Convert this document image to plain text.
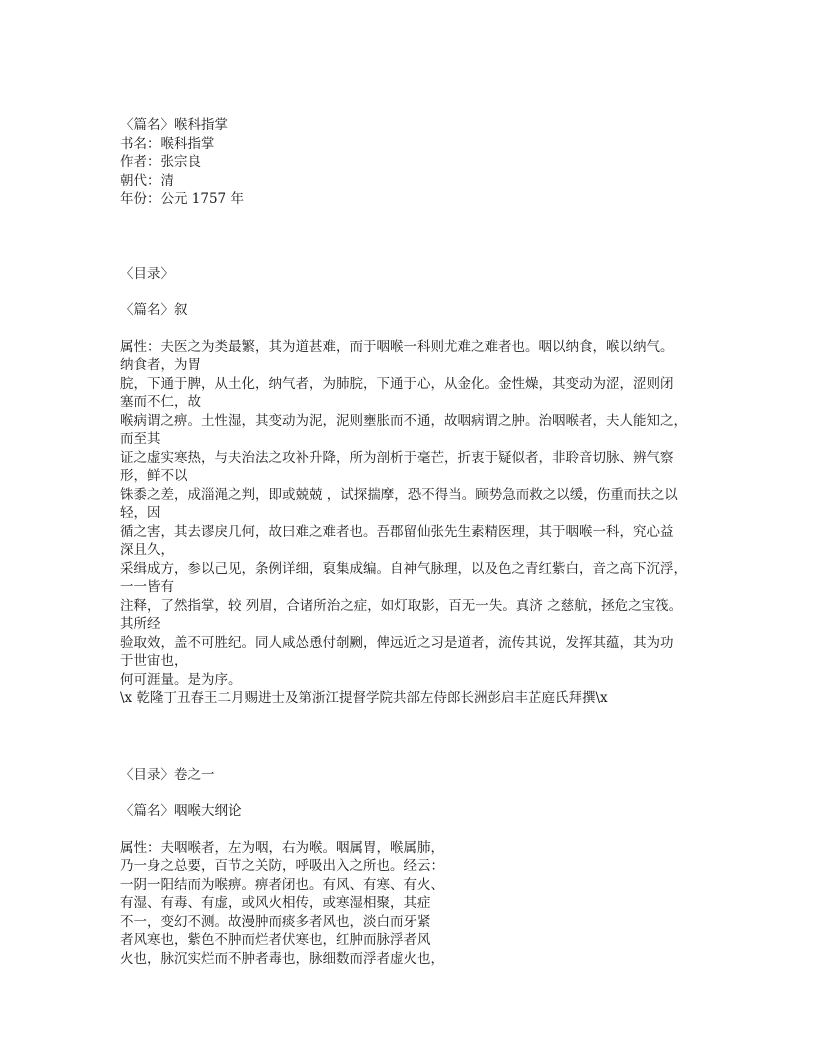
〈篇名〉喉科指掌

书名：喉科指掌

作者：张宗良

朝代：清

年份：公元 1757 年

〈目录〉

〈篇名〉叙

属性：夫医之为类最繁，其为道甚难，而于咽喉一科则尤难之难者也。咽以纳食，喉以纳气。

纳食者，为胃

脘，下通于脾，从土化，纳气者，为肺脘，下通于心，从金化。金性燥，其变动为涩，涩则闭

塞而不仁，故

喉病谓之痹。土性湿，其变动为泥，泥则壅胀而不通，故咽病谓之肿。治咽喉者，夫人能知之，

而至其

证之虚实寒热，与夫治法之攻补升降，所为剖析于毫芒，折衷于疑似者，非聆音切脉、辨气察

形，鲜不以

铢黍之差，成淄渑之判，即或兢兢 ，试探揣摩，恐不得当。顾势急而救之以缓，伤重而扶之以

轻，因

循之害，其去谬戾几何，故曰难之难者也。吾郡留仙张先生素精医理，其于咽喉一科，究心益

深且久，

采缉成方，参以己见，条例详细，裒集成编。自神气脉理，以及色之青红紫白，音之高下沉浮，

一一皆有

注释，了然指掌，较 列眉，合诸所治之症，如灯取影，百无一失。真济 之慈航，拯危之宝筏。

其所经

验取效，盖不可胜纪。同人咸怂恿付剞劂，俾远近之习是道者，流传其说，发挥其蕴，其为功

于世宙也，

何可涯量。是为序。

\x 乾隆丁丑春王二月赐进士及第浙江提督学院共部左侍郎长洲彭启丰芷庭氏拜撰\x

〈目录〉卷之一

〈篇名〉咽喉大纲论

属性：夫咽喉者，左为咽，右为喉。咽属胃，喉属肺，

乃一身之总要，百节之关防，呼吸出入之所也。经云：

一阴一阳结而为喉痹。痹者闭也。有风、有寒、有火、

有湿、有毒、有虚，或风火相传，或寒湿相聚，其症

不一，变幻不测。故漫肿而痰多者风也，淡白而牙紧

者风寒也，紫色不肿而烂者伏寒也，红肿而脉浮者风

火也，脉沉实烂而不肿者毒也，脉细数而浮者虚火也，
